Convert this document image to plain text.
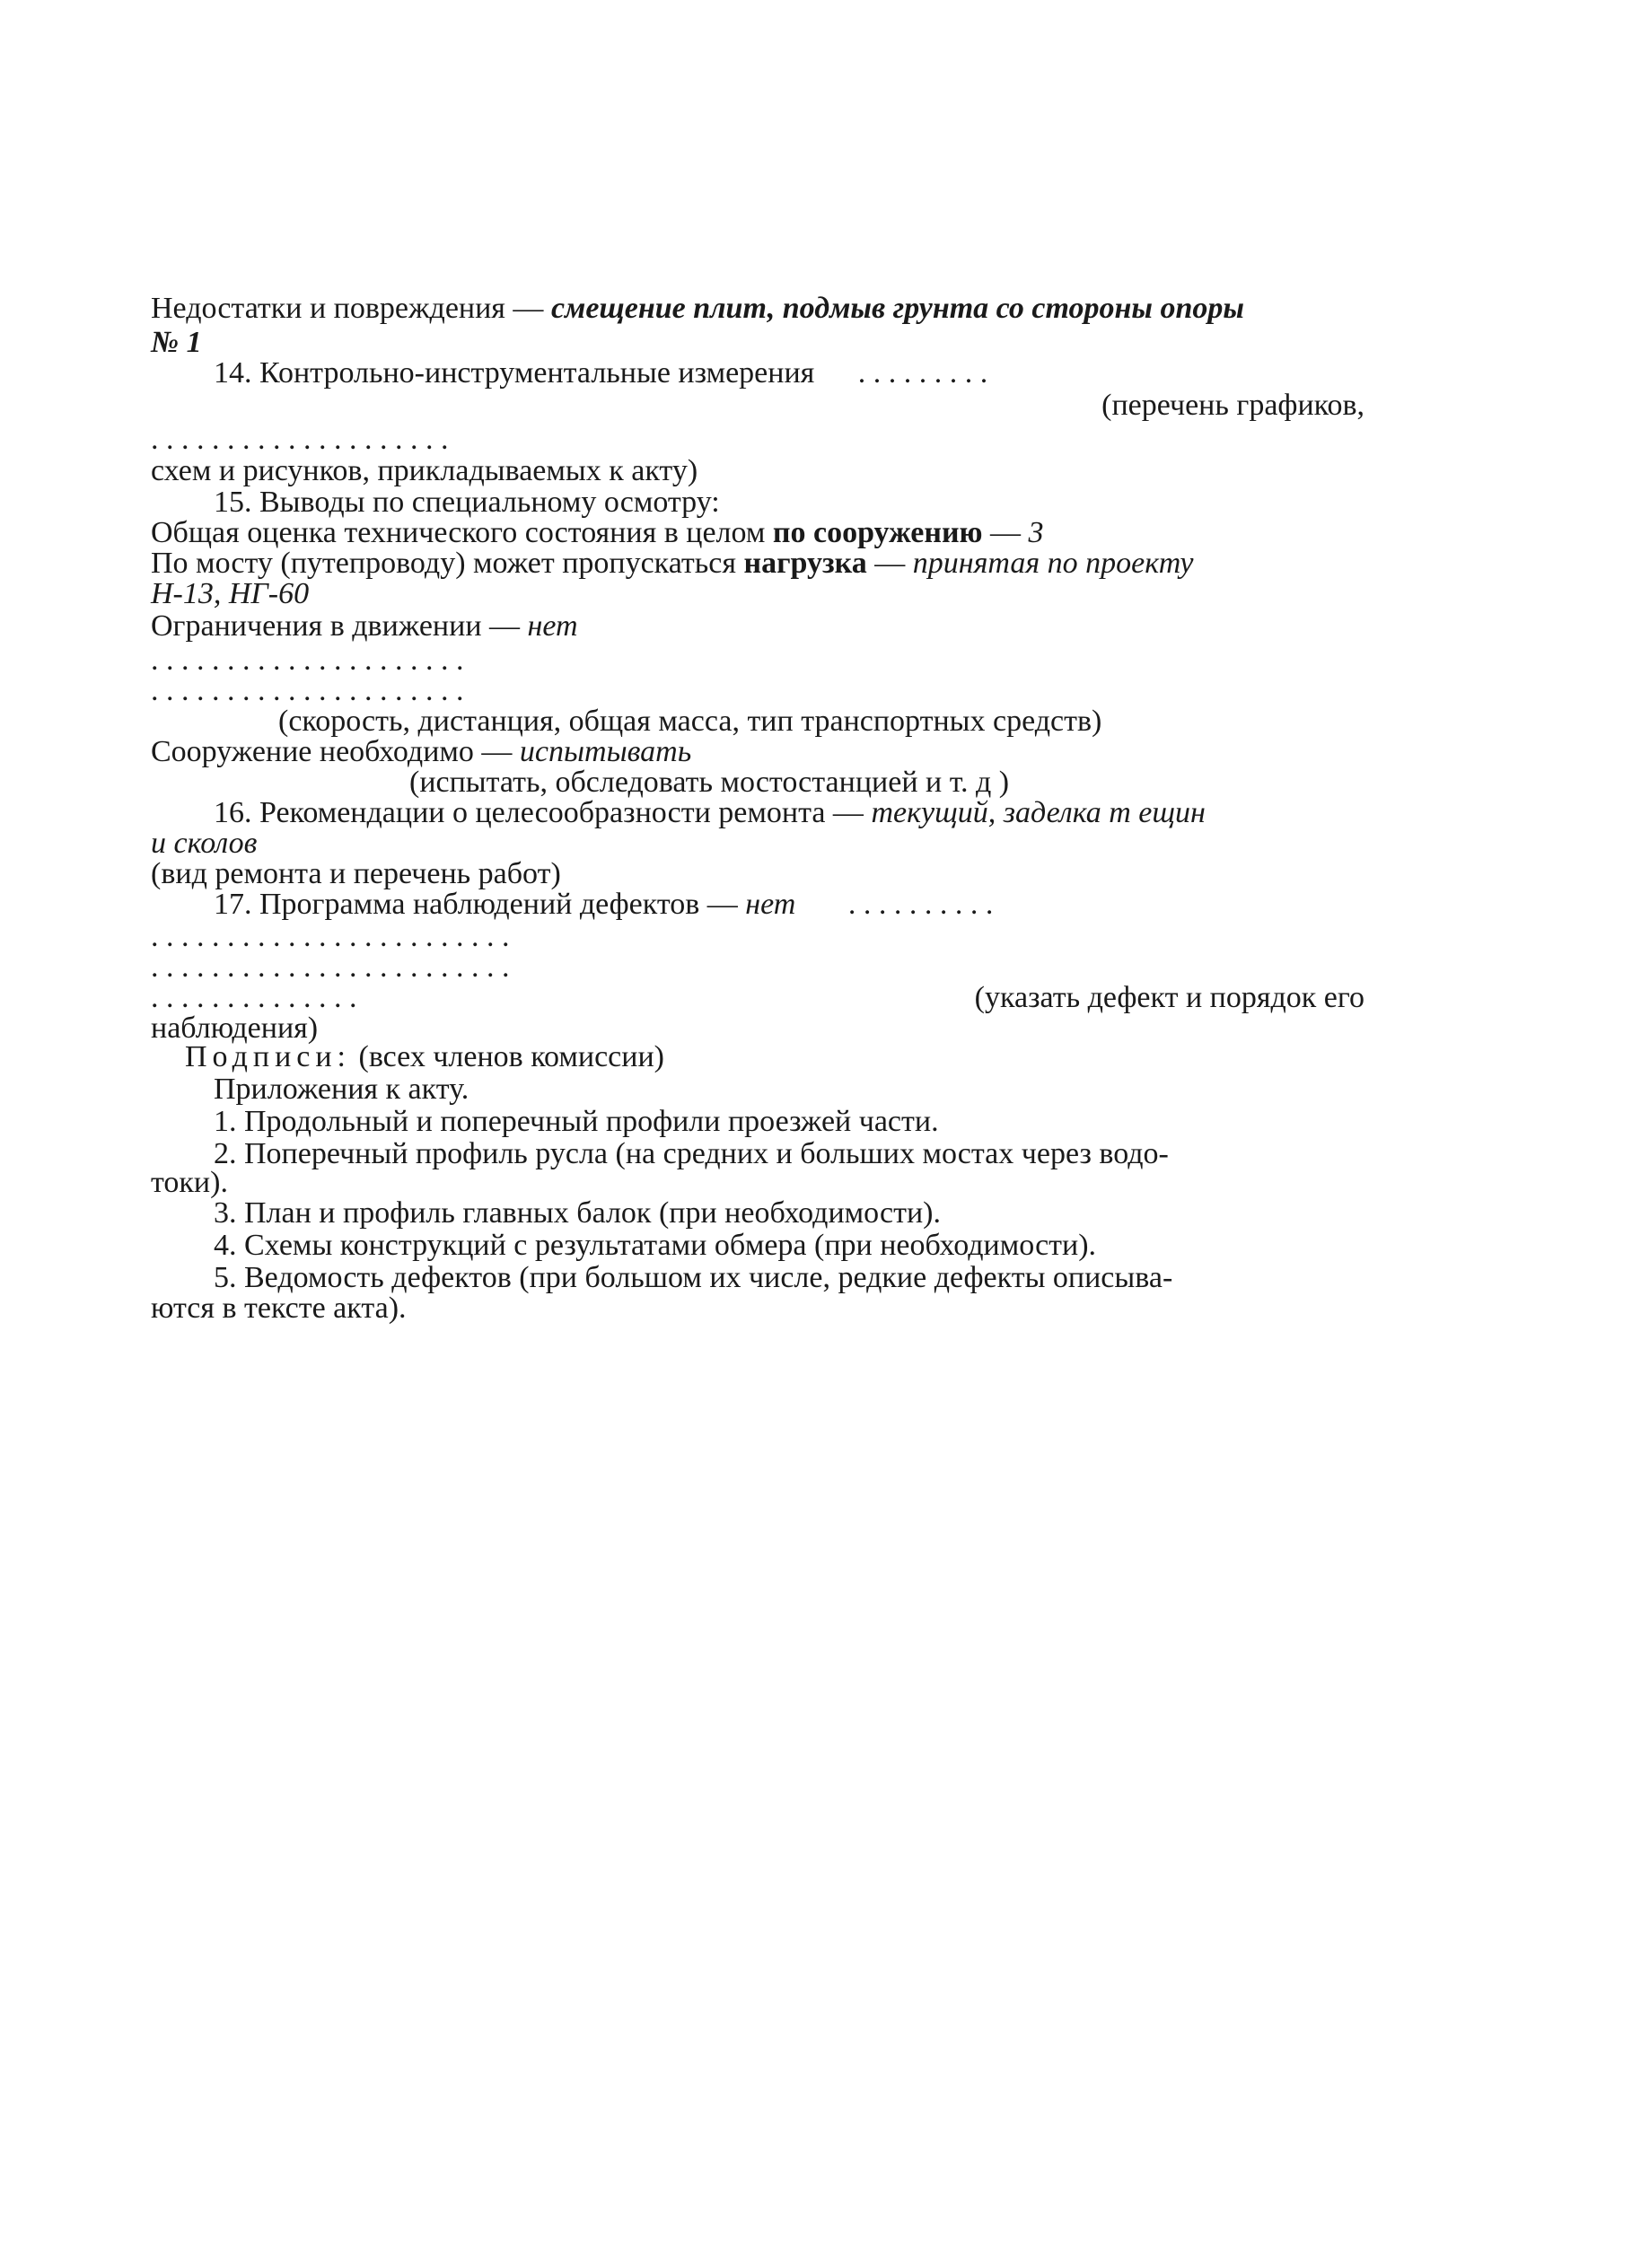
Недостатки и повреждения — смещение плит, подмыв грунта со стороны опоры
№ 1
14. Контрольно-инструментальные измерения . . . . . . . . .
(перечень графиков,
. . . . . . . . . . . . . . . . . . . .
схем и рисунков, прикладываемых к акту)
15. Выводы по специальному осмотру:
Общая оценка технического состояния в целом по сооружению — 3
По мосту (путепроводу) может пропускаться нагрузка — принятая по проекту
Н-13, НГ-60
Ограничения в движении — нет
. . . . . . . . . . . . . . . . . . . . .
. . . . . . . . . . . . . . . . . . . . .
(скорость, дистанция, общая масса, тип транспортных средств)
Сооружение необходимо — испытывать
(испытать, обследовать мостостанцией и т. д )
16. Рекомендации о целесообразности ремонта — текущий, заделка т ещин
и сколов
(вид ремонта и перечень работ)
17. Программа наблюдений дефектов — нет . . . . . . . . . .
. . . . . . . . . . . . . . . . . . . . . . . .
. . . . . . . . . . . . . . . . . . . . . . . .
. . . . . . . . . . . . . .	(указать дефект и порядок его
наблюдения)
Подписи: (всех членов комиссии)
Приложения к акту.
1. Продольный и поперечный профили проезжей части.
2. Поперечный профиль русла (на средних и больших мостах через водо-
токи).
3. План и профиль главных балок (при необходимости).
4. Схемы конструкций с результатами обмера (при необходимости).
5. Ведомость дефектов (при большом их числе, редкие дефекты описыва-
ются в тексте акта).
